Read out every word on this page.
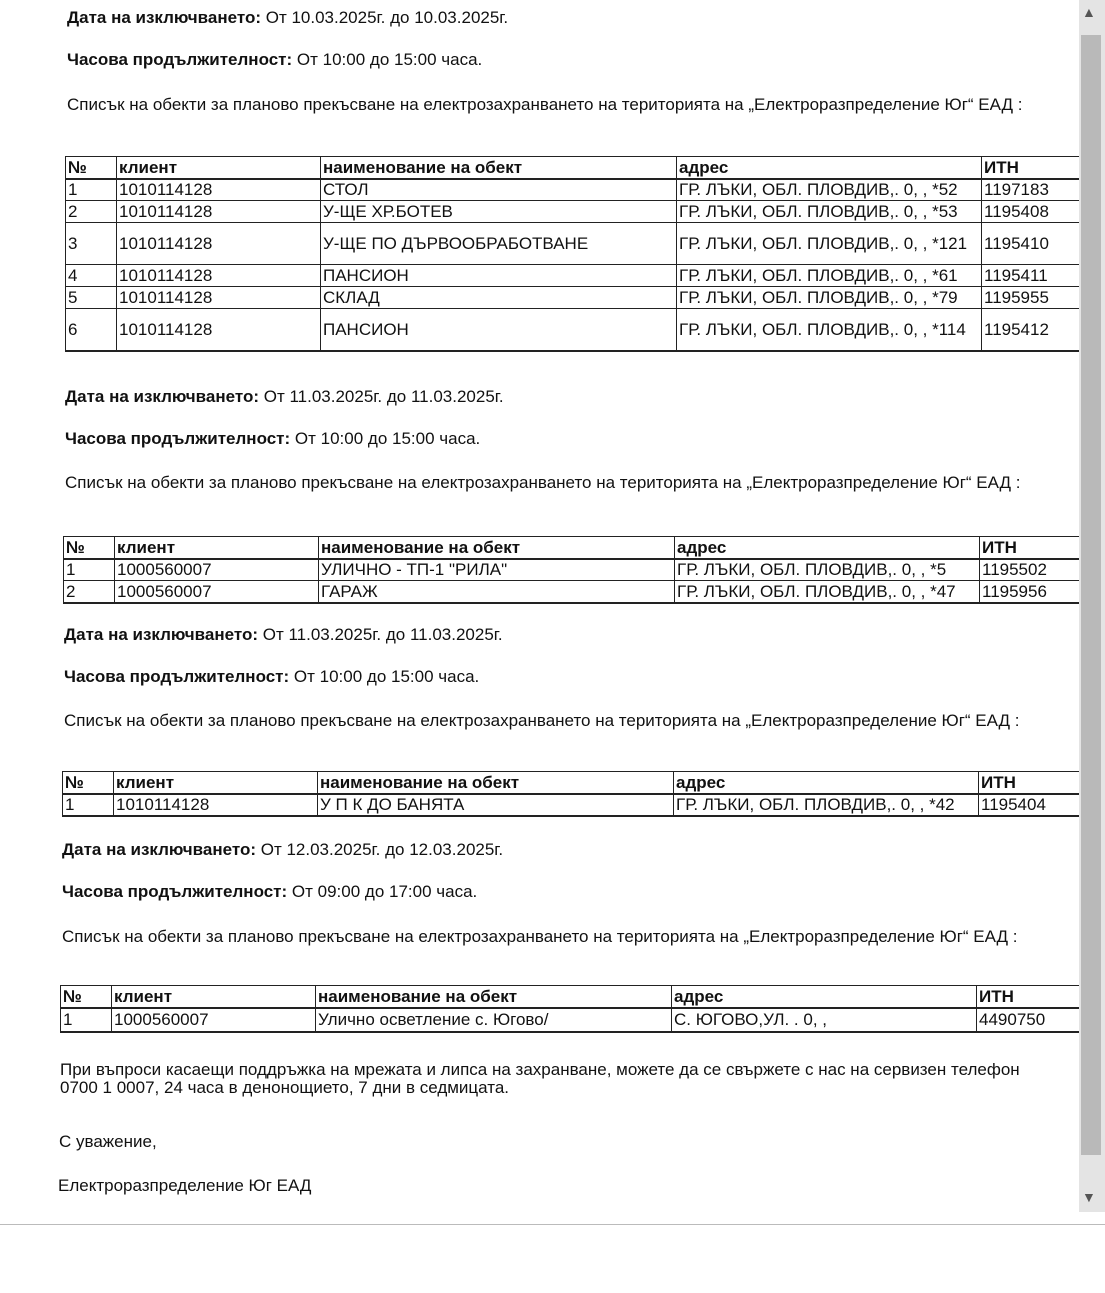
Дата на изключването: От 10.03.2025г. до 10.03.2025г.
Часова продължителност: От 10:00 до 15:00 часа.
Списък на обекти за планово прекъсване на електрозахранването на територията на „Електроразпределение Юг“ ЕАД :
№	клиент	наименование на обект	адрес	ИТН
1	1010114128	СТОЛ	ГР. ЛЪКИ, ОБЛ. ПЛОВДИВ,. 0, , *52	1197183
2	1010114128	У-ЩЕ ХР.БОТЕВ	ГР. ЛЪКИ, ОБЛ. ПЛОВДИВ,. 0, , *53	1195408
3	1010114128	У-ЩЕ ПО ДЪРВООБРАБОТВАНЕ	ГР. ЛЪКИ, ОБЛ. ПЛОВДИВ,. 0, , *121	1195410
4	1010114128	ПАНСИОН	ГР. ЛЪКИ, ОБЛ. ПЛОВДИВ,. 0, , *61	1195411
5	1010114128	СКЛАД	ГР. ЛЪКИ, ОБЛ. ПЛОВДИВ,. 0, , *79	1195955
6	1010114128	ПАНСИОН	ГР. ЛЪКИ, ОБЛ. ПЛОВДИВ,. 0, , *114	1195412
Дата на изключването: От 11.03.2025г. до 11.03.2025г.
Часова продължителност: От 10:00 до 15:00 часа.
Списък на обекти за планово прекъсване на електрозахранването на територията на „Електроразпределение Юг“ ЕАД :
№	клиент	наименование на обект	адрес	ИТН
1	1000560007	УЛИЧНО - ТП-1 "РИЛА"	ГР. ЛЪКИ, ОБЛ. ПЛОВДИВ,. 0, , *5	1195502
2	1000560007	ГАРАЖ	ГР. ЛЪКИ, ОБЛ. ПЛОВДИВ,. 0, , *47	1195956
Дата на изключването: От 11.03.2025г. до 11.03.2025г.
Часова продължителност: От 10:00 до 15:00 часа.
Списък на обекти за планово прекъсване на електрозахранването на територията на „Електроразпределение Юг“ ЕАД :
№	клиент	наименование на обект	адрес	ИТН
1	1010114128	У П К ДО БАНЯТА	ГР. ЛЪКИ, ОБЛ. ПЛОВДИВ,. 0, , *42	1195404
Дата на изключването: От 12.03.2025г. до 12.03.2025г.
Часова продължителност: От 09:00 до 17:00 часа.
Списък на обекти за планово прекъсване на електрозахранването на територията на „Електроразпределение Юг“ ЕАД :
№	клиент	наименование на обект	адрес	ИТН
1	1000560007	Улично осветление с. Югово/	С. ЮГОВО,УЛ. . 0, ,	4490750
При въпроси касаещи поддръжка на мрежата и липса на захранване, можете да се свържете с нас на сервизен телефон 0700 1 0007, 24 часа в денонощието, 7 дни в седмицата.
С уважение,
Електроразпределение Юг ЕАД
▲
▼
